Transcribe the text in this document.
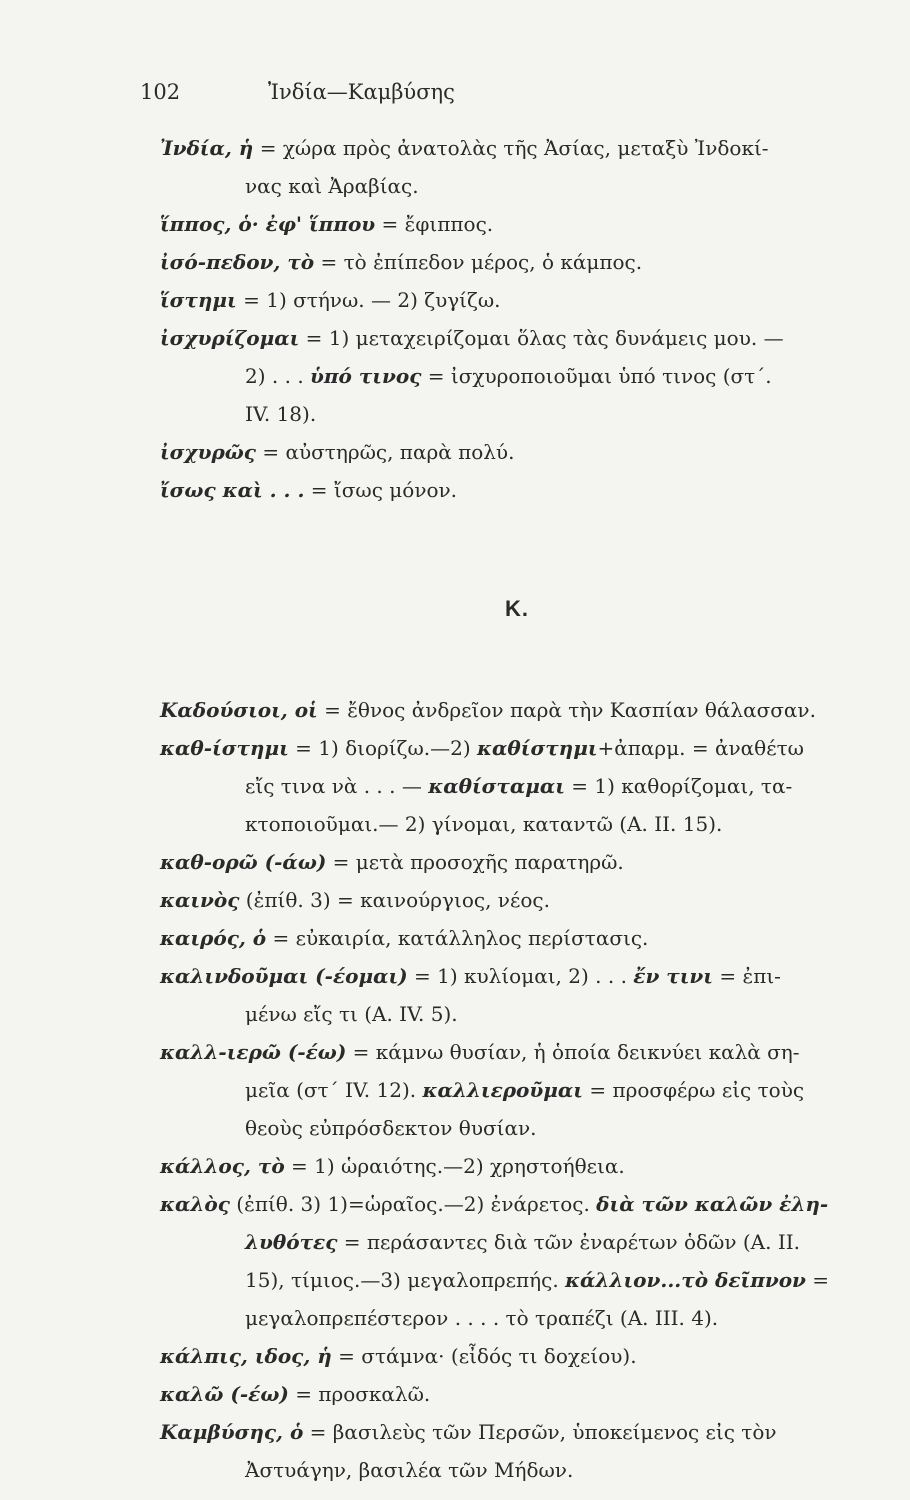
102	Ἰνδία—Καμβύσης
Ἰνδία, ἡ = χώρα πρὸς ἀνατολὰς τῆς Ἀσίας, μεταξὺ Ἰνδοκί-
νας καὶ Ἀραβίας.
ἵππος, ὁ· ἐφ' ἵππου = ἔφιππος.
ἰσό-πεδον, τὸ = τὸ ἐπίπεδον μέρος, ὁ κάμπος.
ἵστημι = 1) στήνω. — 2) ζυγίζω.
ἰσχυρίζομαι = 1) μεταχειρίζομαι ὅλας τὰς δυνάμεις μου. —
2) . . . ὑπό τινος = ἰσχυροποιοῦμαι ὑπό τινος (στ΄.
IV. 18).
ἰσχυρῶς = αὐστηρῶς, παρὰ πολύ.
ἴσως καὶ . . . = ἴσως μόνον.
Κ.
Καδούσιοι, οἱ = ἔθνος ἀνδρεῖον παρὰ τὴν Κασπίαν θάλασσαν.
καθ-ίστημι = 1) διορίζω.—2) καθίστημι+ἀπαρμ. = ἀναθέτω
εἴς τινα νὰ . . . — καθίσταμαι = 1) καθορίζομαι, τα-
κτοποιοῦμαι.— 2) γίνομαι, καταντῶ (Α. II. 15).
καθ-ορῶ (-άω) = μετὰ προσοχῆς παρατηρῶ.
καινὸς (ἐπίθ. 3) = καινούργιος, νέος.
καιρός, ὁ = εὐκαιρία, κατάλληλος περίστασις.
καλινδοῦμαι (-έομαι) = 1) κυλίομαι, 2) . . . ἔν τινι = ἐπι-
μένω εἴς τι (Α. IV. 5).
καλλ-ιερῶ (-έω) = κάμνω θυσίαν, ἡ ὁποία δεικνύει καλὰ ση-
μεῖα (στ΄ IV. 12). καλλιεροῦμαι = προσφέρω εἰς τοὺς
θεοὺς εὐπρόσδεκτον θυσίαν.
κάλλος, τὸ = 1) ὡραιότης.—2) χρηστοήθεια.
καλὸς (ἐπίθ. 3) 1)=ὡραῖος.—2) ἐνάρετος. διὰ τῶν καλῶν ἐλη-
λυθότες = περάσαντες διὰ τῶν ἐναρέτων ὁδῶν (Α. II.
15), τίμιος.—3) μεγαλοπρεπής. κάλλιον...τὸ δεῖπνον =
μεγαλοπρεπέστερον . . . . τὸ τραπέζι (Α. III. 4).
κάλπις, ιδος, ἡ = στάμνα· (εἶδός τι δοχείου).
καλῶ (-έω) = προσκαλῶ.
Καμβύσης, ὁ = βασιλεὺς τῶν Περσῶν, ὑποκείμενος εἰς τὸν
Ἀστυάγην, βασιλέα τῶν Μήδων.
